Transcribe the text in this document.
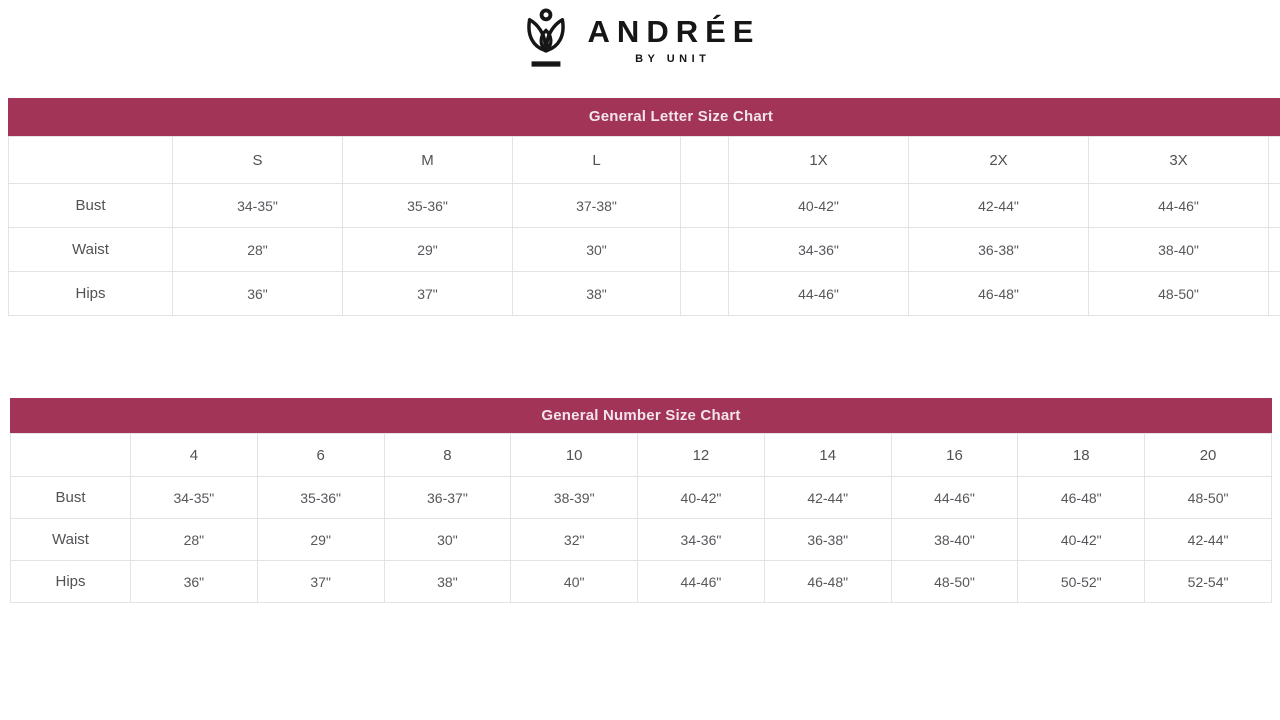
ANDRÉE
BY UNIT
General Letter Size Chart
	S	M	L		1X	2X	3X	
Bust	34-35"	35-36"	37-38"		40-42"	42-44"	44-46"	
Waist	28"	29"	30"		34-36"	36-38"	38-40"	
Hips	36"	37"	38"		44-46"	46-48"	48-50"	
General Number Size Chart
	4	6	8	10	12	14	16	18	20
Bust	34-35"	35-36"	36-37"	38-39"	40-42"	42-44"	44-46"	46-48"	48-50"
Waist	28"	29"	30"	32"	34-36"	36-38"	38-40"	40-42"	42-44"
Hips	36"	37"	38"	40"	44-46"	46-48"	48-50"	50-52"	52-54"
